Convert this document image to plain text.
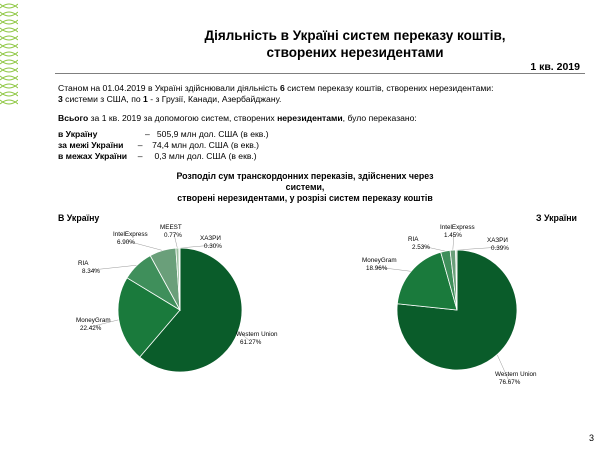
Діяльність в Україні систем переказу коштів,
створених нерезидентами
1 кв. 2019
Станом на 01.04.2019 в Україні здійснювали діяльність 6 систем переказу коштів, створених нерезидентами:
3 системи з США, по 1 - з Грузії, Канади, Азербайджану.
Всього за 1 кв. 2019 за допомогою систем, створених нерезидентами, було переказано:
в Україну	–   505,9 млн дол. США (в екв.)
за межі України	–    74,4 млн дол. США (в екв.)
в межах України –     0,3 млн дол. США (в екв.)
Розподіл сум транскордонних переказів, здійснених через системи,
створені нерезидентами, у розрізі систем переказу коштів
В Україну	З України
Western Union
61.27%
MoneyGram
22.42%
RIA
8.34%
IntelExpress
6.90%
MEEST
0.77%	ХАЗРИ
0.30%
Western Union
76.67%
MoneyGram
18.96%
RIA
2.53%
IntelExpress
1.45%
ХАЗРИ
0.39%
3
